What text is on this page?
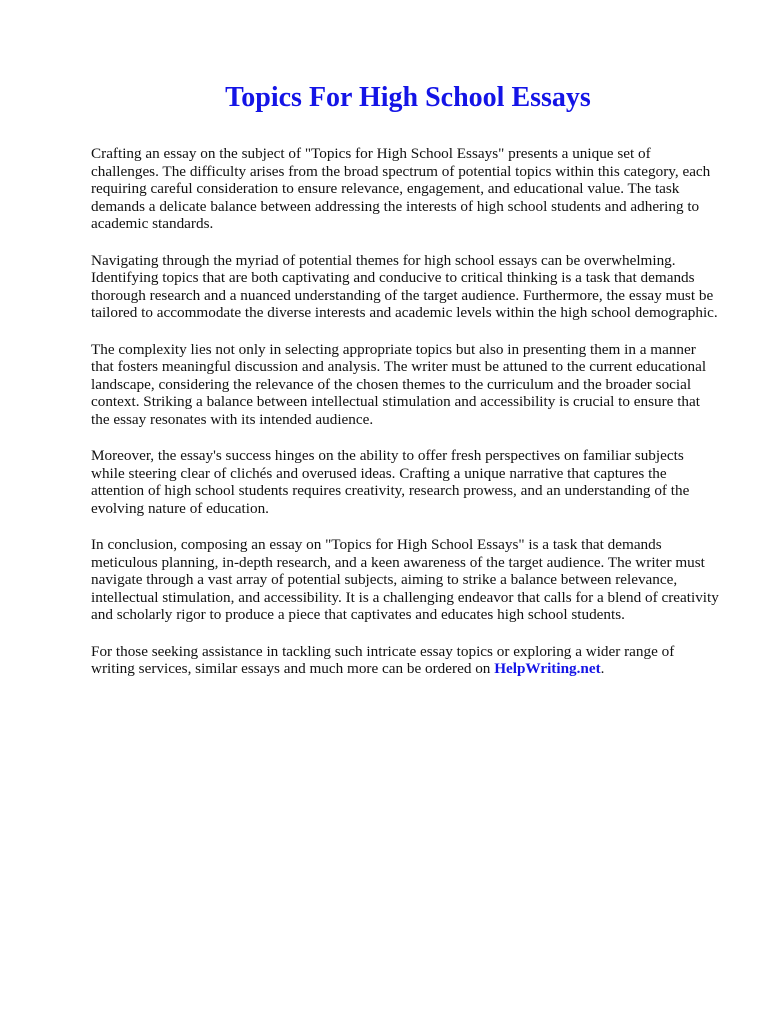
Topics For High School Essays

Crafting an essay on the subject of "Topics for High School Essays" presents a unique set of challenges. The difficulty arises from the broad spectrum of potential topics within this category, each requiring careful consideration to ensure relevance, engagement, and educational value. The task demands a delicate balance between addressing the interests of high school students and adhering to academic standards.

Navigating through the myriad of potential themes for high school essays can be overwhelming. Identifying topics that are both captivating and conducive to critical thinking is a task that demands thorough research and a nuanced understanding of the target audience. Furthermore, the essay must be tailored to accommodate the diverse interests and academic levels within the high school demographic.

The complexity lies not only in selecting appropriate topics but also in presenting them in a manner that fosters meaningful discussion and analysis. The writer must be attuned to the current educational landscape, considering the relevance of the chosen themes to the curriculum and the broader social context. Striking a balance between intellectual stimulation and accessibility is crucial to ensure that the essay resonates with its intended audience.

Moreover, the essay's success hinges on the ability to offer fresh perspectives on familiar subjects while steering clear of clichés and overused ideas. Crafting a unique narrative that captures the attention of high school students requires creativity, research prowess, and an understanding of the evolving nature of education.

In conclusion, composing an essay on "Topics for High School Essays" is a task that demands meticulous planning, in-depth research, and a keen awareness of the target audience. The writer must navigate through a vast array of potential subjects, aiming to strike a balance between relevance, intellectual stimulation, and accessibility. It is a challenging endeavor that calls for a blend of creativity and scholarly rigor to produce a piece that captivates and educates high school students.

For those seeking assistance in tackling such intricate essay topics or exploring a wider range of writing services, similar essays and much more can be ordered on HelpWriting.net.
